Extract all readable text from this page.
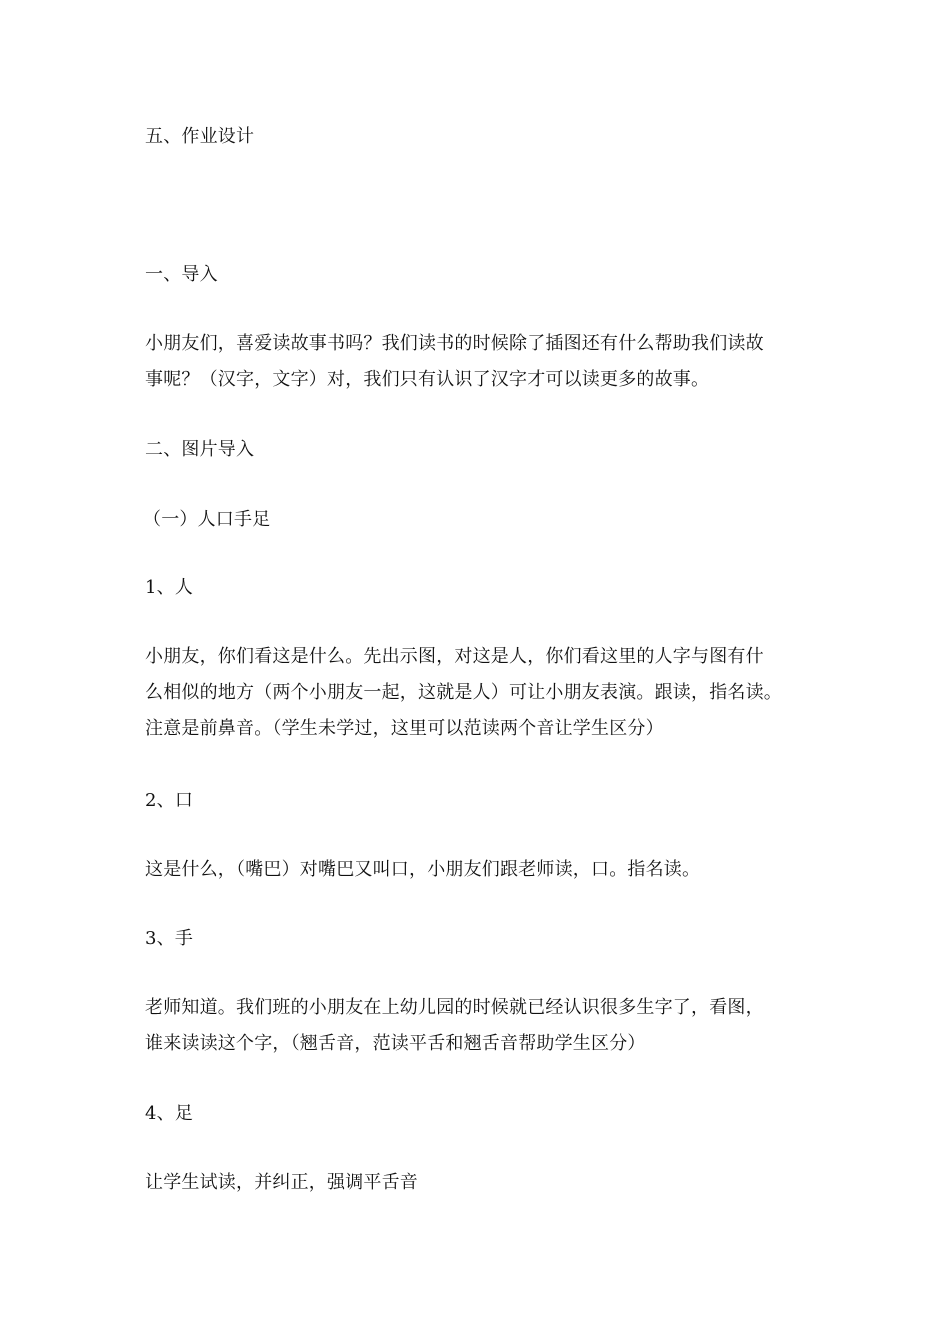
五、作业设计
一、导入
小朋友们，喜爱读故事书吗？我们读书的时候除了插图还有什么帮助我们读故
事呢？（汉字，文字）对，我们只有认识了汉字才可以读更多的故事。
二、图片导入
（一）人口手足
1、人
小朋友，你们看这是什么。先出示图，对这是人，你们看这里的人字与图有什
么相似的地方（两个小朋友一起，这就是人）可让小朋友表演。跟读，指名读。
注意是前鼻音。（学生未学过，这里可以范读两个音让学生区分）
2、口
这是什么，（嘴巴）对嘴巴又叫口，小朋友们跟老师读，口。指名读。
3、手
老师知道。我们班的小朋友在上幼儿园的时候就已经认识很多生字了，看图，
谁来读读这个字，（翘舌音，范读平舌和翘舌音帮助学生区分）
4、足
让学生试读，并纠正，强调平舌音
